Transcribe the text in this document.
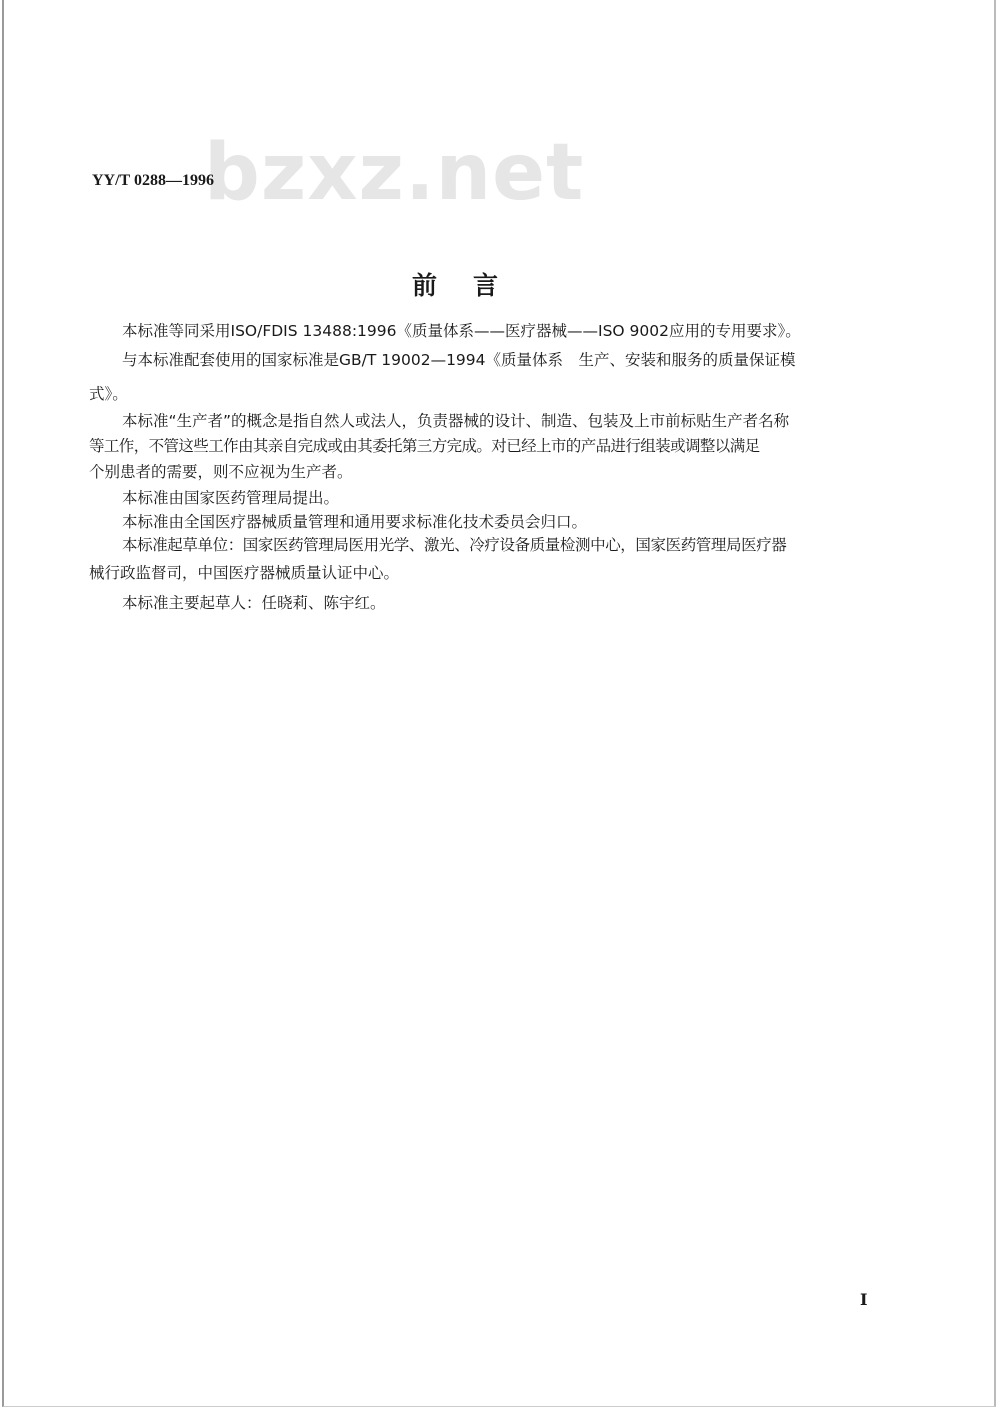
bzxz.net
YY/T 0288—1996
前言
本标准等同采用ISO/FDIS 13488:1996《质量体系——医疗器械——ISO 9002应用的专用要求》。
与本标准配套使用的国家标准是GB/T 19002—1994《质量体系　生产、安装和服务的质量保证模
式》。
本标准“生产者”的概念是指自然人或法人，负责器械的设计、制造、包装及上市前标贴生产者名称
等工作，不管这些工作由其亲自完成或由其委托第三方完成。对已经上市的产品进行组装或调整以满足
个别患者的需要，则不应视为生产者。
本标准由国家医药管理局提出。
本标准由全国医疗器械质量管理和通用要求标准化技术委员会归口。
本标准起草单位：国家医药管理局医用光学、激光、冷疗设备质量检测中心，国家医药管理局医疗器
械行政监督司，中国医疗器械质量认证中心。
本标准主要起草人：任晓莉、陈宇红。
I
